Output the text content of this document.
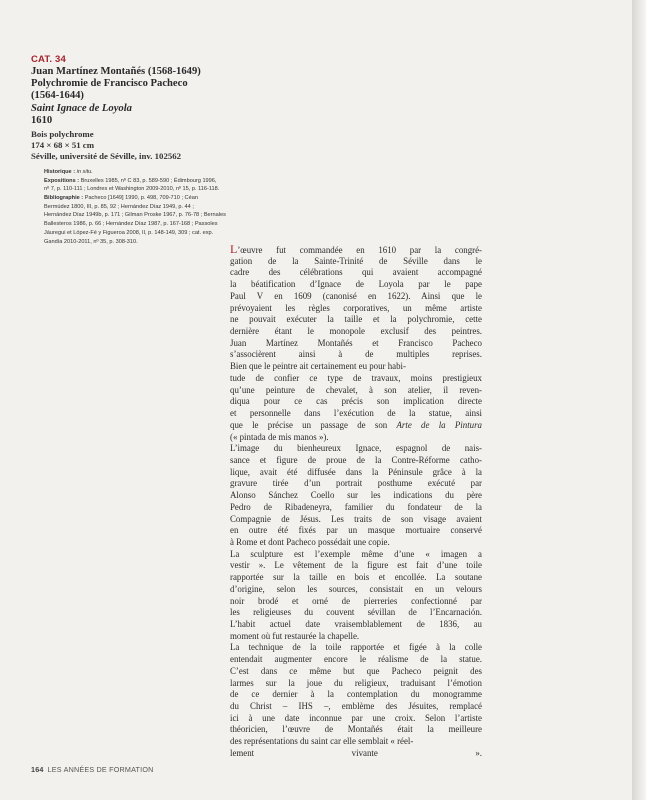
CAT. 34
Juan Martínez Montañés (1568-1649)
Polychromie de Francisco Pacheco
(1564-1644)
Saint Ignace de Loyola
1610
Bois polychrome
174 × 68 × 51 cm
Séville, université de Séville, inv. 102562
Historique : in situ.
Expositions : Bruxelles 1985, nº C 83, p. 589-590 ; Édimbourg 1996,
nº 7, p. 110-111 ; Londres et Washington 2009-2010, nº 15, p. 116-118.
Bibliographie : Pacheco [1649] 1990, p. 498, 709-710 ; Céan
Bermúdez 1800, III, p. 85, 92 ; Hernández Díaz 1949, p. 44 ;
Hernández Díaz 1949b, p. 171 ; Gilman Proske 1967, p. 76-78 ; Bernales
Ballesteros 1986, p. 66 ; Hernández Díaz 1987, p. 167-168 ; Passoles
Jáuregui et López-Fé y Figueroa 2008, II, p. 148-149, 309 ; cat. exp.
Gandía 2010-2011, nº 35, p. 308-310.
L’œuvre fut commandée en 1610 par la congré-
gation de la Sainte-Trinité de Séville dans le
cadre des célébrations qui avaient accompagné
la béatification d’Ignace de Loyola par le pape
Paul V en 1609 (canonisé en 1622). Ainsi que le
prévoyaient les règles corporatives, un même artiste
ne pouvait exécuter la taille et la polychromie, cette
dernière étant le monopole exclusif des peintres.
Juan Martínez Montañés et Francisco Pacheco
s’associèrent ainsi à de multiples reprises.
Bien que le peintre ait certainement eu pour habi-
tude de confier ce type de travaux, moins prestigieux
qu’une peinture de chevalet, à son atelier, il reven-
diqua pour ce cas précis son implication directe
et personnelle dans l’exécution de la statue, ainsi
que le précise un passage de son Arte de la Pintura
(« pintada de mis manos »).
L’image du bienheureux Ignace, espagnol de nais-
sance et figure de proue de la Contre-Réforme catho-
lique, avait été diffusée dans la Péninsule grâce à la
gravure tirée d’un portrait posthume exécuté par
Alonso Sánchez Coello sur les indications du père
Pedro de Ribadeneyra, familier du fondateur de la
Compagnie de Jésus. Les traits de son visage avaient
en outre été fixés par un masque mortuaire conservé
à Rome et dont Pacheco possédait une copie.
La sculpture est l’exemple même d’une « imagen a
vestir ». Le vêtement de la figure est fait d’une toile
rapportée sur la taille en bois et encollée. La soutane
d’origine, selon les sources, consistait en un velours
noir brodé et orné de pierreries confectionné par
les religieuses du couvent sévillan de l’Encarnación.
L’habit actuel date vraisemblablement de 1836, au
moment où fut restaurée la chapelle.
La technique de la toile rapportée et figée à la colle
entendait augmenter encore le réalisme de la statue.
C’est dans ce même but que Pacheco peignit des
larmes sur la joue du religieux, traduisant l’émotion
de ce dernier à la contemplation du monogramme
du Christ – IHS –, emblème des Jésuites, remplacé
ici à une date inconnue par une croix. Selon l’artiste
théoricien, l’œuvre de Montañés était la meilleure
des représentations du saint car elle semblait « réel-
lement vivante ».
164 LES ANNÉES DE FORMATION
